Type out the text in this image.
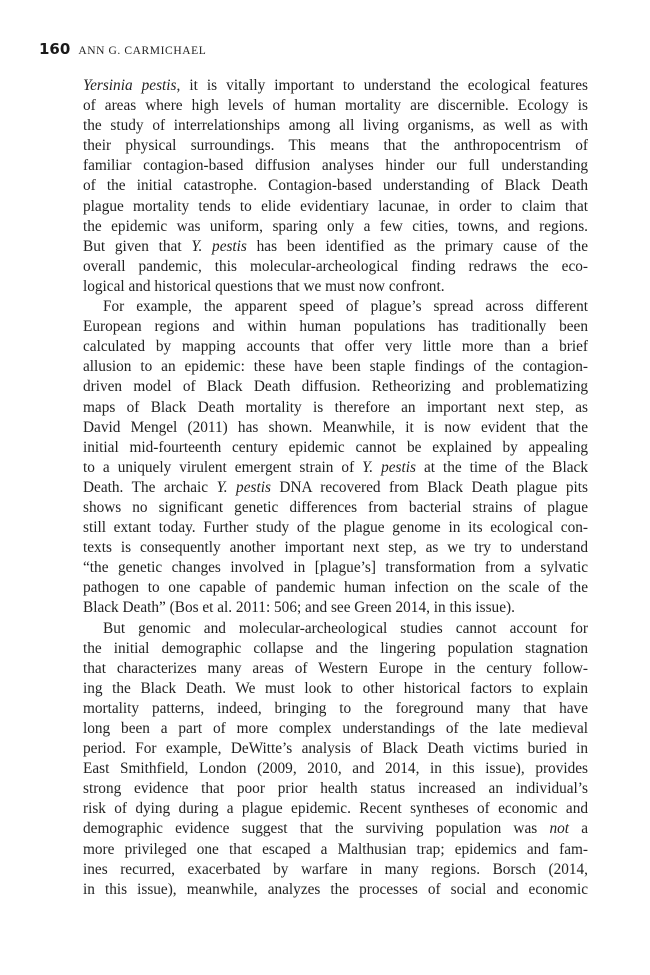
160 ANN G. CARMICHAEL
Yersinia pestis, it is vitally important to understand the ecological features
of areas where high levels of human mortality are discernible. Ecology is
the study of interrelationships among all living organisms, as well as with
their physical surroundings. This means that the anthropocentrism of
familiar contagion-based diffusion analyses hinder our full understanding
of the initial catastrophe. Contagion-based understanding of Black Death
plague mortality tends to elide evidentiary lacunae, in order to claim that
the epidemic was uniform, sparing only a few cities, towns, and regions.
But given that Y. pestis has been identified as the primary cause of the
overall pandemic, this molecular-archeological finding redraws the eco-
logical and historical questions that we must now confront.
For example, the apparent speed of plague’s spread across different
European regions and within human populations has traditionally been
calculated by mapping accounts that offer very little more than a brief
allusion to an epidemic: these have been staple findings of the contagion-
driven model of Black Death diffusion. Retheorizing and problematizing
maps of Black Death mortality is therefore an important next step, as
David Mengel (2011) has shown. Meanwhile, it is now evident that the
initial mid-fourteenth century epidemic cannot be explained by appealing
to a uniquely virulent emergent strain of Y. pestis at the time of the Black
Death. The archaic Y. pestis DNA recovered from Black Death plague pits
shows no significant genetic differences from bacterial strains of plague
still extant today. Further study of the plague genome in its ecological con-
texts is consequently another important next step, as we try to understand
“the genetic changes involved in [plague’s] transformation from a sylvatic
pathogen to one capable of pandemic human infection on the scale of the
Black Death” (Bos et al. 2011: 506; and see Green 2014, in this issue).
But genomic and molecular-archeological studies cannot account for
the initial demographic collapse and the lingering population stagnation
that characterizes many areas of Western Europe in the century follow-
ing the Black Death. We must look to other historical factors to explain
mortality patterns, indeed, bringing to the foreground many that have
long been a part of more complex understandings of the late medieval
period. For example, DeWitte’s analysis of Black Death victims buried in
East Smithfield, London (2009, 2010, and 2014, in this issue), provides
strong evidence that poor prior health status increased an individual’s
risk of dying during a plague epidemic. Recent syntheses of economic and
demographic evidence suggest that the surviving population was not a
more privileged one that escaped a Malthusian trap; epidemics and fam-
ines recurred, exacerbated by warfare in many regions. Borsch (2014,
in this issue), meanwhile, analyzes the processes of social and economic
